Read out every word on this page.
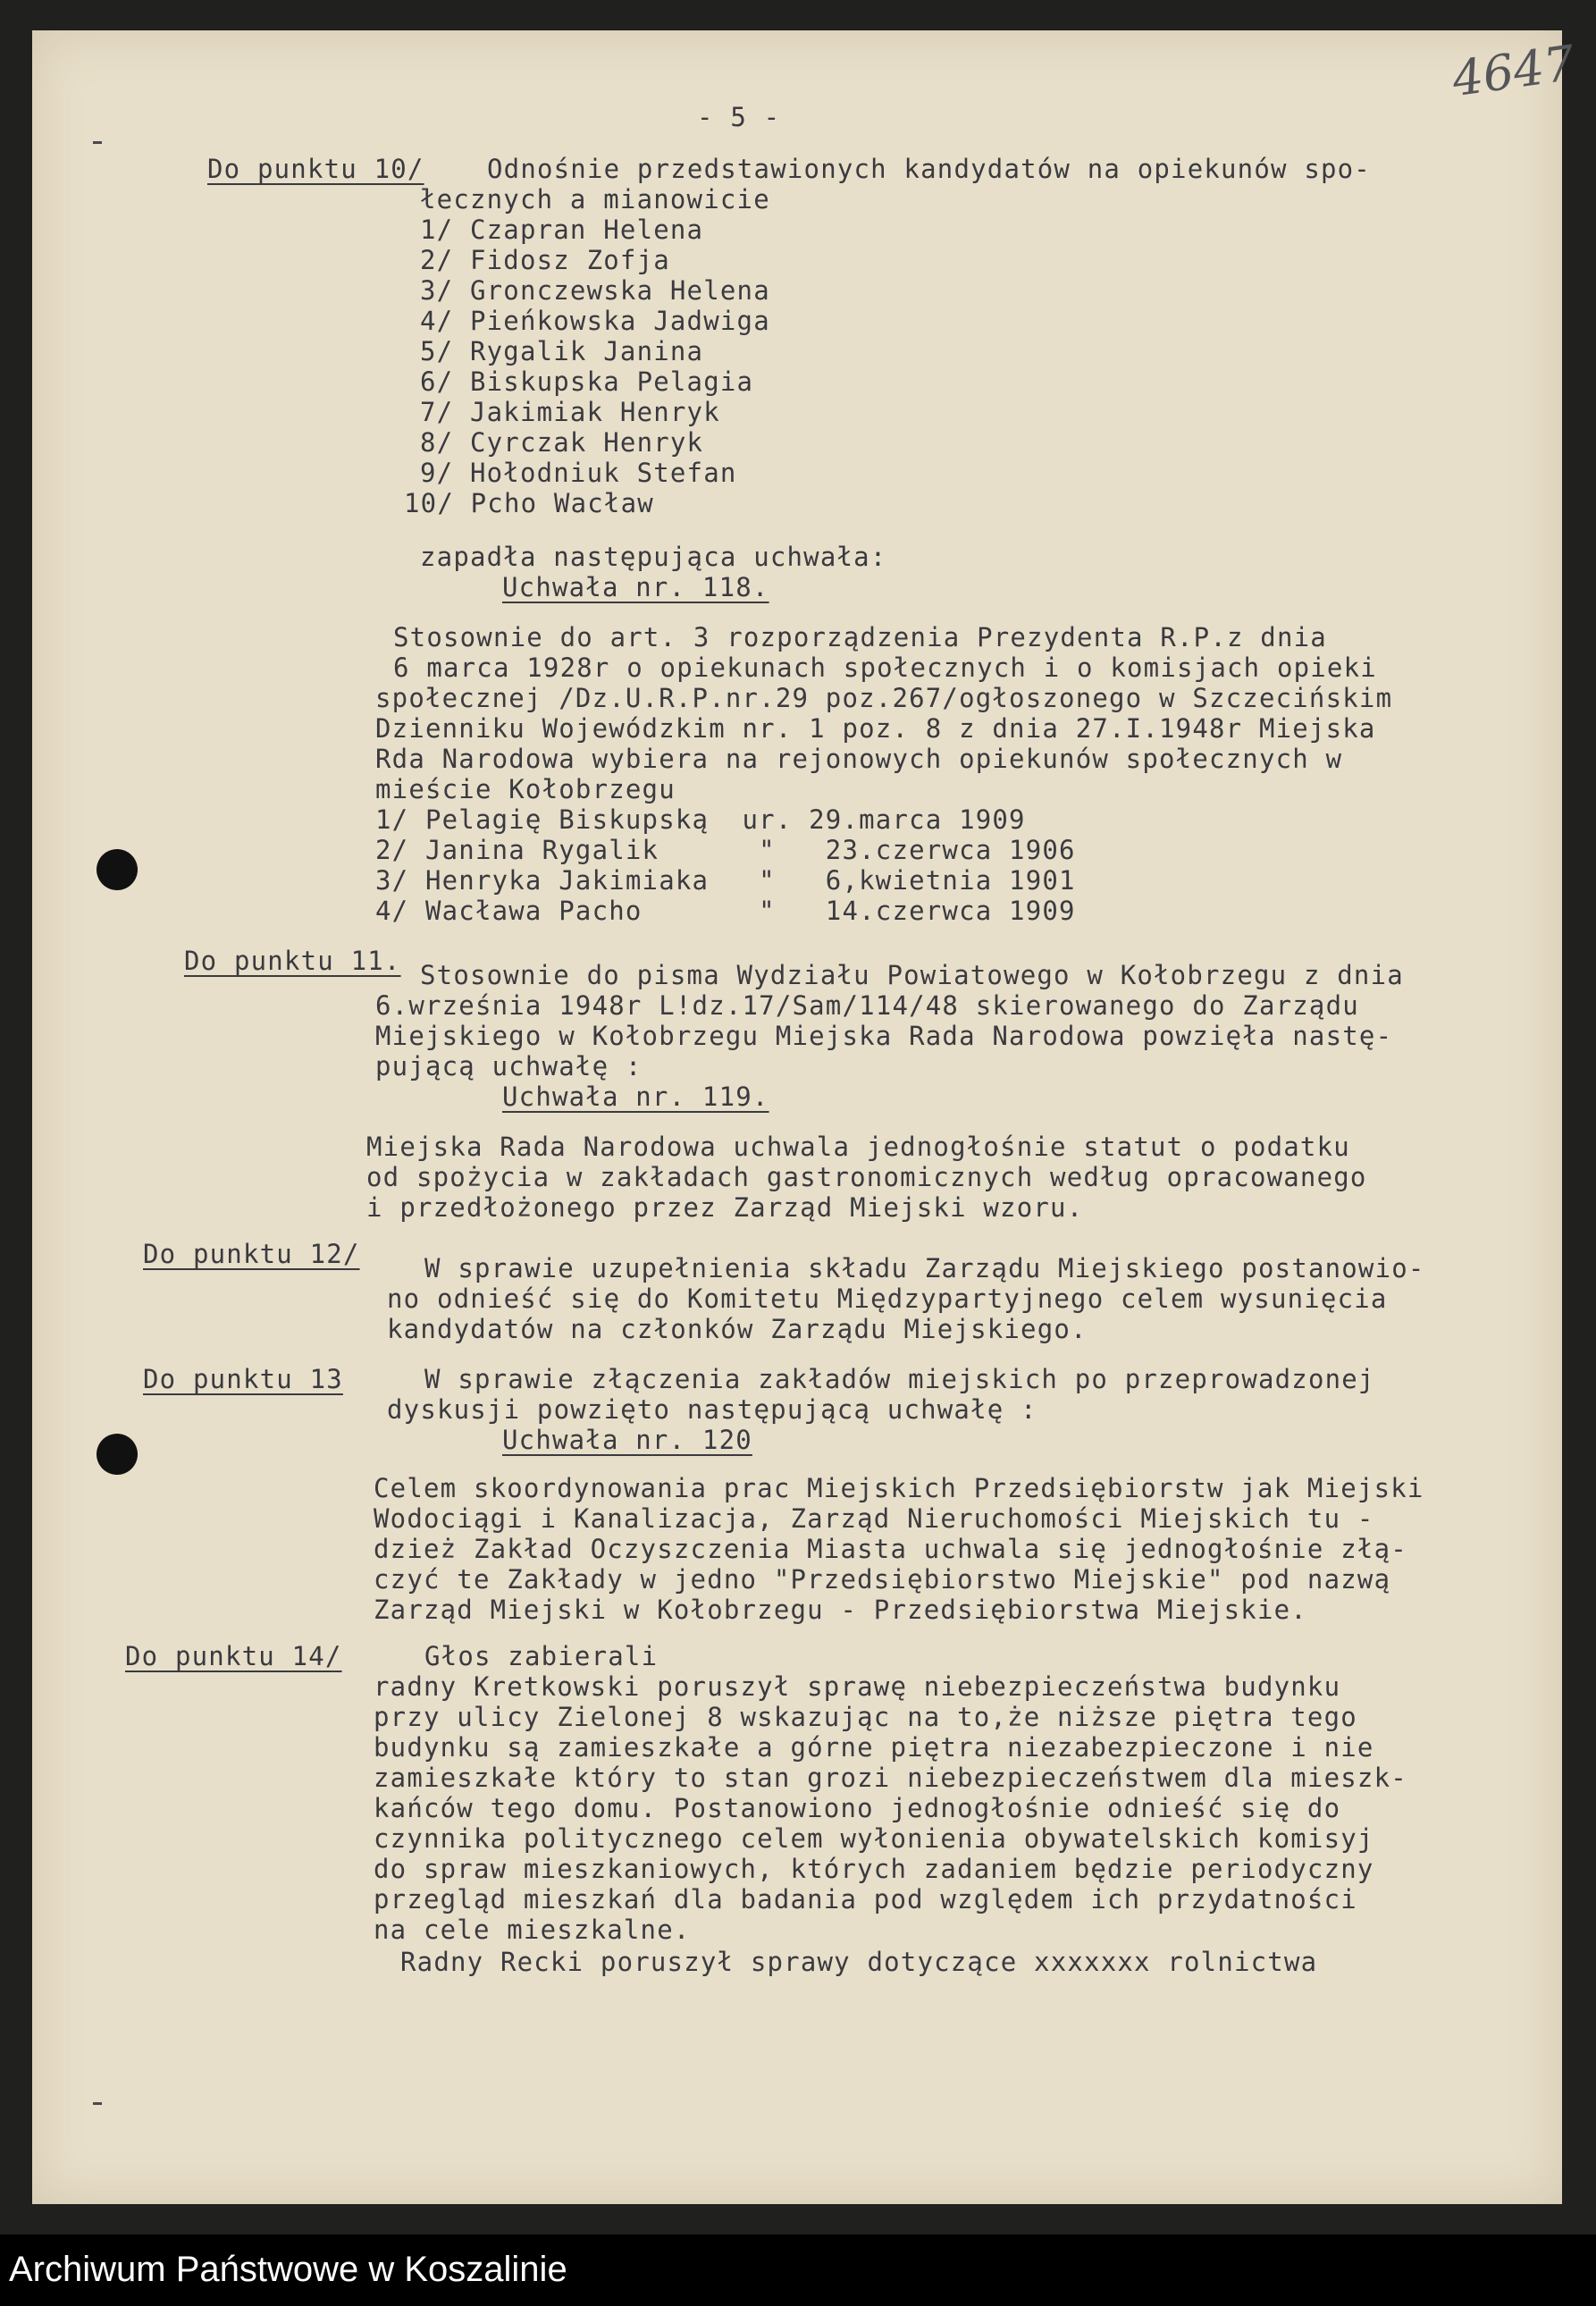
4647
- 5 -
Do punktu 10/ Odnośnie przedstawionych kandydatów na opiekunów spo-
łecznych a mianowicie
1/ Czapran Helena
2/ Fidosz Zofja
3/ Gronczewska Helena
4/ Pieńkowska Jadwiga
5/ Rygalik Janina
6/ Biskupska Pelagia
7/ Jakimiak Henryk
8/ Cyrczak Henryk
9/ Hołodniuk Stefan
10/ Pcho Wacław
zapadła następująca uchwała:
Uchwała nr. 118.
Stosownie do art. 3 rozporządzenia Prezydenta R.P.z dnia
6 marca 1928r o opiekunach społecznych i o komisjach opieki
społecznej /Dz.U.R.P.nr.29 poz.267/ogłoszonego w Szczecińskim
Dzienniku Wojewódzkim nr. 1 poz. 8 z dnia 27.I.1948r Miejska
Rda Narodowa wybiera na rejonowych opiekunów społecznych w
mieście Kołobrzegu
1/ Pelagię Biskupską  ur. 29.marca 1909
2/ Janina Rygalik      "   23.czerwca 1906
3/ Henryka Jakimiaka   "   6,kwietnia 1901
4/ Wacława Pacho       "   14.czerwca 1909
Do punktu 11. Stosownie do pisma Wydziału Powiatowego w Kołobrzegu z dnia
6.września 1948r L!dz.17/Sam/114/48 skierowanego do Zarządu
Miejskiego w Kołobrzegu Miejska Rada Narodowa powzięła nastę-
pującą uchwałę :
Uchwała nr. 119.
Miejska Rada Narodowa uchwala jednogłośnie statut o podatku
od spożycia w zakładach gastronomicznych według opracowanego
i przedłożonego przez Zarząd Miejski wzoru.
Do punktu 12/ W sprawie uzupełnienia składu Zarządu Miejskiego postanowio-
no odnieść się do Komitetu Międzypartyjnego celem wysunięcia
kandydatów na członków Zarządu Miejskiego.
Do punktu 13	W sprawie złączenia zakładów miejskich po przeprowadzonej
dyskusji powzięto następującą uchwałę :
Uchwała nr. 120
Celem skoordynowania prac Miejskich Przedsiębiorstw jak Miejski
Wodociągi i Kanalizacja, Zarząd Nieruchomości Miejskich tu -
dzież Zakład Oczyszczenia Miasta uchwala się jednogłośnie złą-
czyć te Zakłady w jedno "Przedsiębiorstwo Miejskie" pod nazwą
Zarząd Miejski w Kołobrzegu - Przedsiębiorstwa Miejskie.
Do punktu 14/	Głos zabierali
radny Kretkowski poruszył sprawę niebezpieczeństwa budynku
przy ulicy Zielonej 8 wskazując na to,że niższe piętra tego
budynku są zamieszkałe a górne piętra niezabezpieczone i nie
zamieszkałe który to stan grozi niebezpieczeństwem dla mieszk-
kańców tego domu. Postanowiono jednogłośnie odnieść się do
czynnika politycznego celem wyłonienia obywatelskich komisyj
do spraw mieszkaniowych, których zadaniem będzie periodyczny
przegląd mieszkań dla badania pod względem ich przydatności
na cele mieszkalne.
Radny Recki poruszył sprawy dotyczące xxxxxxx rolnictwa
Archiwum Państwowe w Koszalinie
